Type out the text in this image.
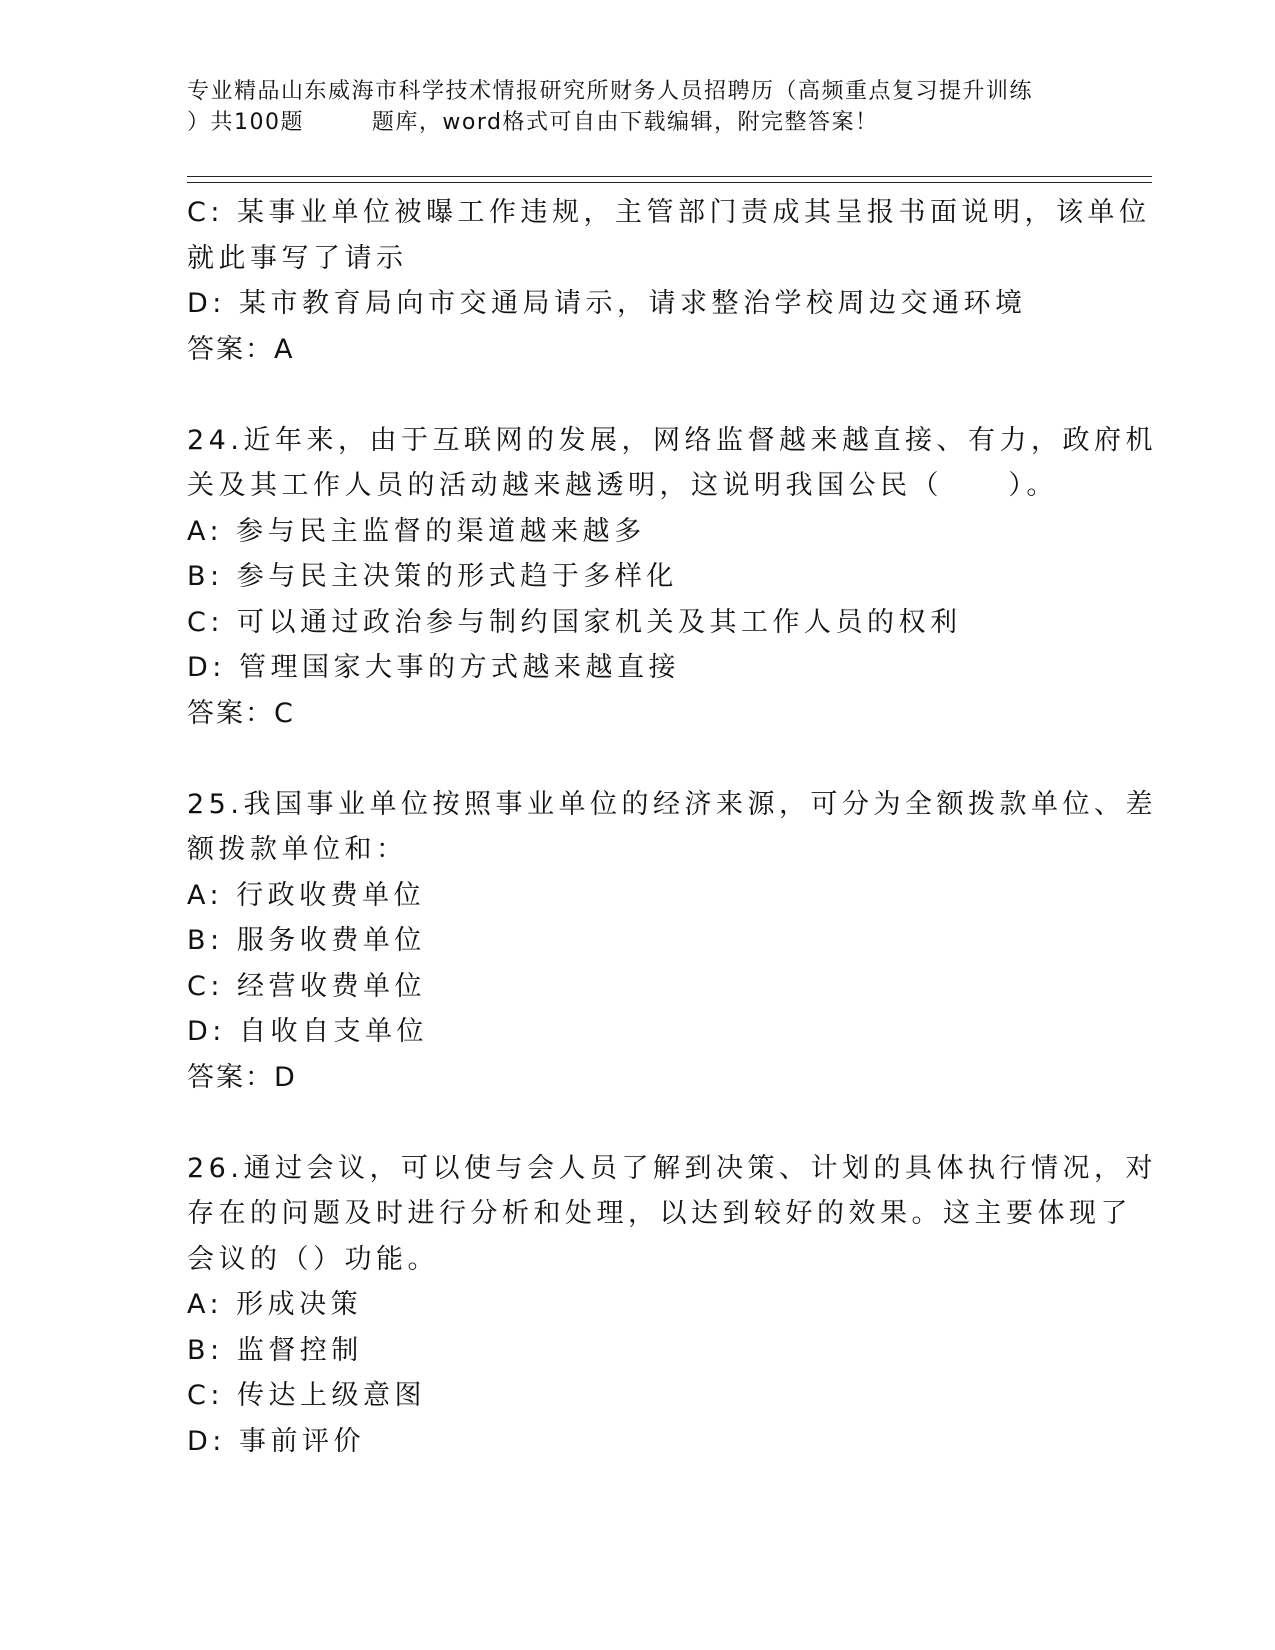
专业精品山东威海市科学技术情报研究所财务人员招聘历（高频重点复习提升训练
）共100题        题库，word格式可自由下载编辑，附完整答案！
C: 某事业单位被曝工作违规，主管部门责成其呈报书面说明，该单位
就此事写了请示
D: 某市教育局向市交通局请示，请求整治学校周边交通环境
答案：A
24.近年来，由于互联网的发展，网络监督越来越直接、有力，政府机
关及其工作人员的活动越来越透明，这说明我国公民（     ）。
A: 参与民主监督的渠道越来越多
B: 参与民主决策的形式趋于多样化
C: 可以通过政治参与制约国家机关及其工作人员的权利
D: 管理国家大事的方式越来越直接
答案：C
25.我国事业单位按照事业单位的经济来源，可分为全额拨款单位、差
额拨款单位和：
A: 行政收费单位
B: 服务收费单位
C: 经营收费单位
D: 自收自支单位
答案：D
26.通过会议，可以使与会人员了解到决策、计划的具体执行情况，对
存在的问题及时进行分析和处理，以达到较好的效果。这主要体现了
会议的（）功能。
A: 形成决策
B: 监督控制
C: 传达上级意图
D: 事前评价
